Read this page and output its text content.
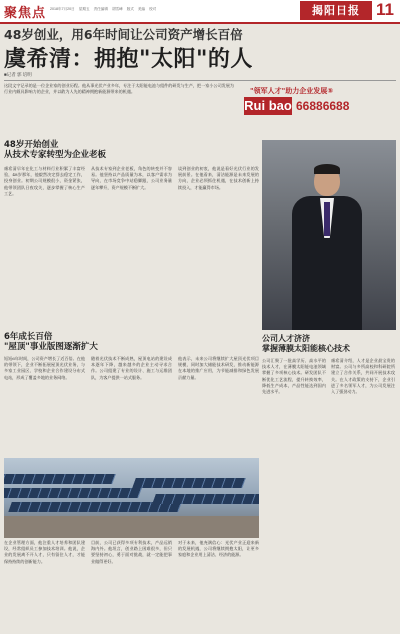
聚焦点 2018年7月20日 星期五 责任编辑 胡雪峰 版式 美编 校对	揭阳日报 11
48岁创业，用6年时间让公司资产增长百倍
虞希清：拥抱"太阳"的人
■记者 郭 培明
这段文字记录的是一位企业家的创业历程。他从事光伏产业多年，专注于太阳能电池与组件的研发与生产，把一家小公司发展为行业内颇具影响力的企业，并以敢为人先的精神拥抱新能源带来的机遇。	"领军人才"助力企业发展⑤
Rui bao 66886688
48岁开始创业
从技术专家转型为企业老板
虞希清早年在化工与材料行业积累了丰富经验，48岁那年，他毅然决定辞去稳定工作，投身创业。初期公司规模很小，资金紧张，他带领团队日夜攻关，逐步掌握了核心生产工艺。
从技术专家到企业老板，角色的转变并不容易。他坚持以产品质量为本，以客户需求为导向，在市场竞争中站稳脚跟，公司业务量逐年攀升，资产规模不断扩大。
谈到创业的初衷，他说是看好光伏行业的发展前景。在他看来，清洁能源是未来发展的方向，企业必须抓住机遇，在技术创新上持续投入，才能赢得市场。
6年成长百倍
"屋顶"事业版图逐渐扩大
短短6年时间，公司资产增长了近百倍。在他的带领下，企业不断拓展屋顶光伏业务，与多家工业园区、学校和企业合作建设分布式电站，形成了覆盖多地的业务网络。
随着光伏技术不断成熟，屋顶电站的建设成本逐年下降，越来越多的企业主动寻求合作。公司组建了专业的设计、施工与运维团队，为客户提供一站式服务。
他表示，未来公司将继续扩大屋顶光伏项目规模，同时加大储能技术研发，推动新能源在本地的推广应用，为节能减排和绿色发展贡献力量。
在企业管理方面，他注重人才培养和团队建设，经常组织员工参加技术培训。他说，企业的发展离不开人才，只有留住人才，才能保持持续的创新能力。
目前，公司已获得多项专利技术，产品远销海内外。他坦言，创业路上困难很多，但只要坚持初心，勇于面对挑战，就一定能把事业做得更好。
对于未来，他充满信心：光伏产业正迎来新的发展机遇，公司将继续拥抱太阳，让更多家庭和企业用上清洁、经济的能源。
公司人才济济
掌握薄膜太阳能核心技术
公司汇聚了一批高学历、高水平的技术人才，在薄膜太阳能电池领域掌握了多项核心技术。研发团队不断优化工艺流程，提升转换效率，降低生产成本，产品性能达到国内先进水平。
虞希清介绍，人才是企业最宝贵的财富。公司与多所高校和科研院所建立了合作关系，共同开展技术攻关。在人才政策的支持下，企业引进了多名领军人才，为公司发展注入了强劲动力。
